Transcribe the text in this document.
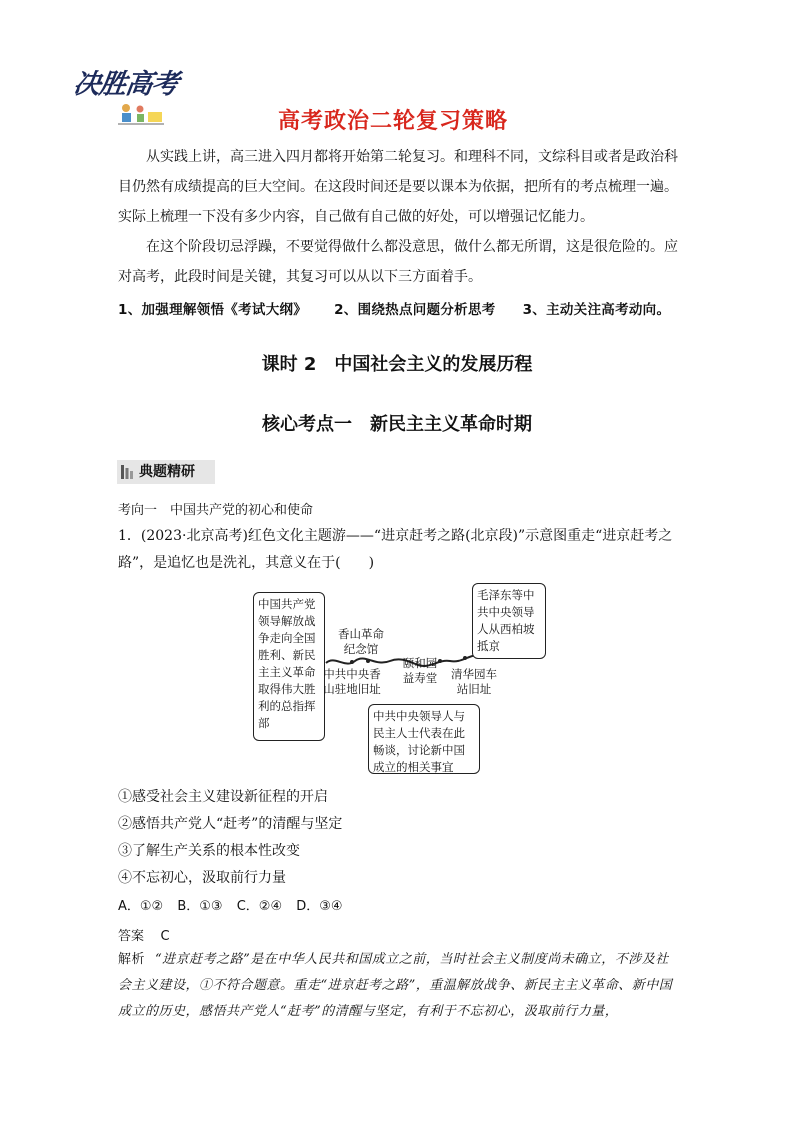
决胜高考
高考政治二轮复习策略
从实践上讲，高三进入四月都将开始第二轮复习。和理科不同，文综科目或者是政治科目仍然有成绩提高的巨大空间。在这段时间还是要以课本为依据，把所有的考点梳理一遍。实际上梳理一下没有多少内容，自己做有自己做的好处，可以增强记忆能力。
在这个阶段切忌浮躁，不要觉得做什么都没意思，做什么都无所谓，这是很危险的。应对高考，此段时间是关键，其复习可以从以下三方面着手。
1、加强理解领悟《考试大纲》 2、围绕热点问题分析思考 3、主动关注高考动向。
课时 2　中国社会主义的发展历程
核心考点一　新民主主义革命时期
典题精研
考向一　中国共产党的初心和使命
1．(2023·北京高考)红色文化主题游——“进京赶考之路(北京段)”示意图重走“进京赶考之路”，是追忆也是洗礼，其意义在于(　　)
中国共产党领导解放战争走向全国胜利、新民主主义革命取得伟大胜利的总指挥部
毛泽东等中共中央领导人从西柏坡抵京
中共中央领导人与民主人士代表在此畅谈，讨论新中国成立的相关事宜
中共中央香山驻地旧址
香山革命纪念馆
颐和园益寿堂	清华园车站旧址
①感受社会主义建设新征程的开启
②感悟共产党人“赶考”的清醒与坚定
③了解生产关系的根本性改变
④不忘初心，汲取前行力量
A．①② B．①③ C．②④ D．③④
答案 C
解析 “进京赶考之路”是在中华人民共和国成立之前，当时社会主义制度尚未确立，不涉及社会主义建设，①不符合题意。重走“进京赶考之路”，重温解放战争、新民主主义革命、新中国成立的历史，感悟共产党人“赶考”的清醒与坚定，有利于不忘初心，汲取前行力量，
